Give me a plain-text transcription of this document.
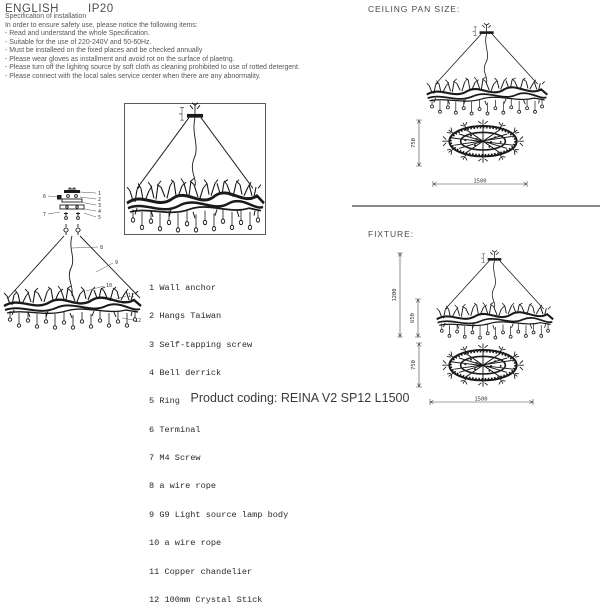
ENGLISH	IP20
Specification of installation
In order to ensure safety use, please notice the following items:
- Read and understand the whole Specification.
- Suitable for the use of 220-240V and 50-60Hz.
- Must be installeed on the fixed places and be checked annually
- Please wear gloves as installment and avoid rot on the surface of plaetng.
- Please turn off the lighitng source by soft cloth as cleaning prohibited to use of rotted detergent.
- Please connect with the local sales service center when there are any abnormality.
1
2
3
4
5
6
7
8
9
10
11
12

1 Wall anchor

2 Hangs Taiwan

3 Self-tapping screw

4 Bell derrick

5 Ring

6 Terminal

7 M4 Screw

8 a wire rope

9 G9 Light source lamp body

10 a wire rope

11 Copper chandelier

12 100mm Crystal Stick

CEILING PAN SIZE:
750
1500
FIXTURE:
1200
650
750
1500
Product coding: REINA V2 SP12 L1500
